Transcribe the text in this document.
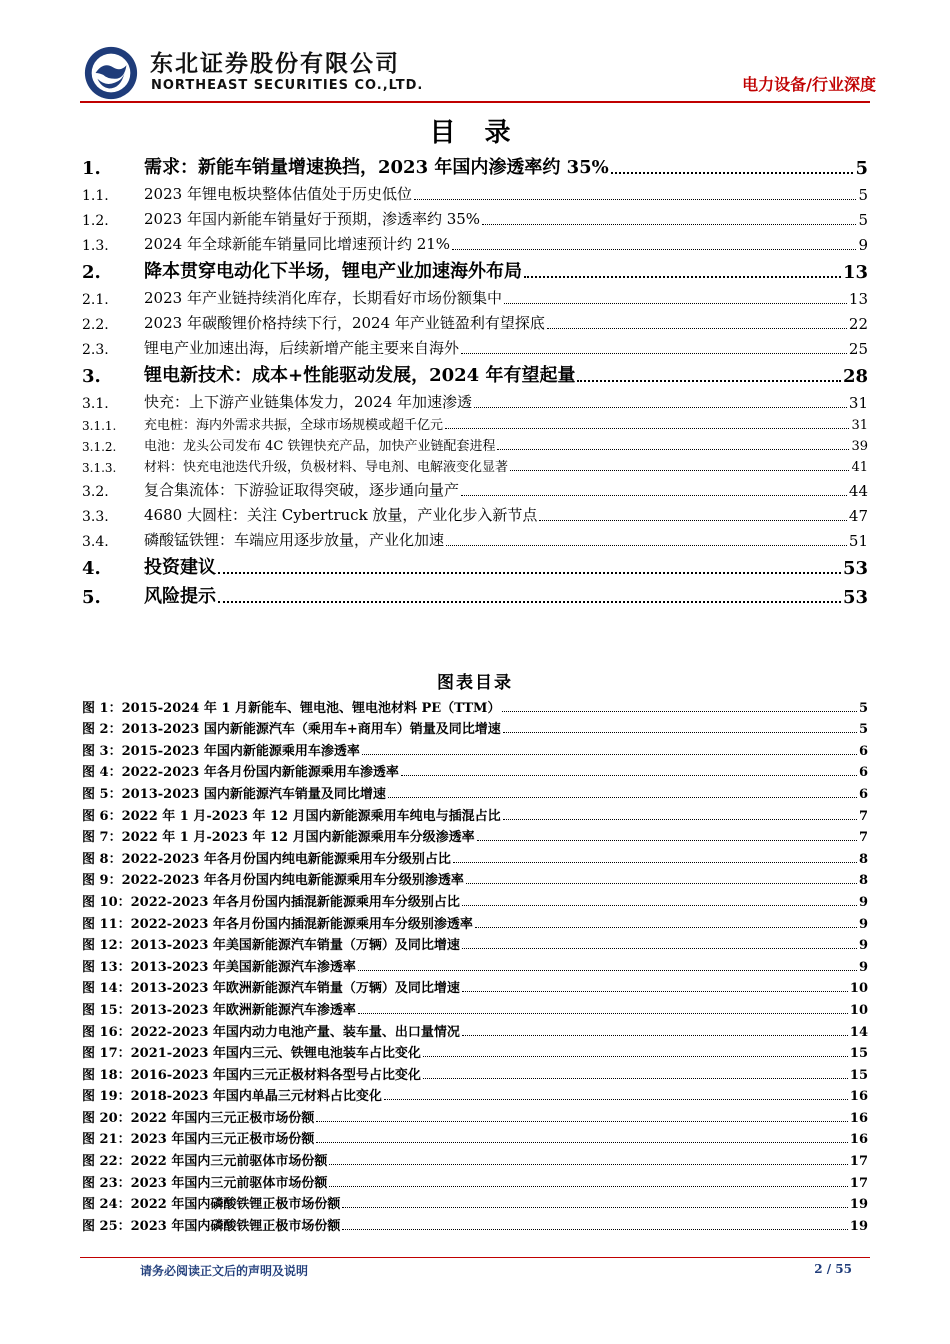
东北证券股份有限公司
NORTHEAST SECURITIES CO.,LTD.	电力设备/行业深度
目 录
1.	需求：新能车销量增速换挡，2023 年国内渗透率约 35%	5
1.1.	2023 年锂电板块整体估值处于历史低位	5
1.2.	2023 年国内新能车销量好于预期，渗透率约 35%	5
1.3.	2024 年全球新能车销量同比增速预计约 21%	9
2.	降本贯穿电动化下半场，锂电产业加速海外布局	13
2.1.	2023 年产业链持续消化库存，长期看好市场份额集中	13
2.2.	2023 年碳酸锂价格持续下行，2024 年产业链盈利有望探底	22
2.3.	锂电产业加速出海，后续新增产能主要来自海外	25
3.	锂电新技术：成本+性能驱动发展，2024 年有望起量	28
3.1.	快充：上下游产业链集体发力，2024 年加速渗透	31
3.1.1.	充电桩：海内外需求共振，全球市场规模或超千亿元	31
3.1.2.	电池：龙头公司发布 4C 铁锂快充产品，加快产业链配套进程	39
3.1.3.	材料：快充电池迭代升级，负极材料、导电剂、电解液变化显著	41
3.2.	复合集流体：下游验证取得突破，逐步通向量产	44
3.3.	4680 大圆柱：关注 Cybertruck 放量，产业化步入新节点	47
3.4.	磷酸锰铁锂：车端应用逐步放量，产业化加速	51
4.	投资建议	53
5.	风险提示	53
图表目录
图 1：2015-2024 年 1 月新能车、锂电池、锂电池材料 PE（TTM）	5
图 2：2013-2023 国内新能源汽车（乘用车+商用车）销量及同比增速	5
图 3：2015-2023 年国内新能源乘用车渗透率	6
图 4：2022-2023 年各月份国内新能源乘用车渗透率	6
图 5：2013-2023 国内新能源汽车销量及同比增速	6
图 6：2022 年 1 月-2023 年 12 月国内新能源乘用车纯电与插混占比	7
图 7：2022 年 1 月-2023 年 12 月国内新能源乘用车分级渗透率	7
图 8：2022-2023 年各月份国内纯电新能源乘用车分级别占比	8
图 9：2022-2023 年各月份国内纯电新能源乘用车分级别渗透率	8
图 10：2022-2023 年各月份国内插混新能源乘用车分级别占比	9
图 11：2022-2023 年各月份国内插混新能源乘用车分级别渗透率	9
图 12：2013-2023 年美国新能源汽车销量（万辆）及同比增速	9
图 13：2013-2023 年美国新能源汽车渗透率	9
图 14：2013-2023 年欧洲新能源汽车销量（万辆）及同比增速	10
图 15：2013-2023 年欧洲新能源汽车渗透率	10
图 16：2022-2023 年国内动力电池产量、装车量、出口量情况	14
图 17：2021-2023 年国内三元、铁锂电池装车占比变化	15
图 18：2016-2023 年国内三元正极材料各型号占比变化	15
图 19：2018-2023 年国内单晶三元材料占比变化	16
图 20：2022 年国内三元正极市场份额	16
图 21：2023 年国内三元正极市场份额	16
图 22：2022 年国内三元前驱体市场份额	17
图 23：2023 年国内三元前驱体市场份额	17
图 24：2022 年国内磷酸铁锂正极市场份额	19
图 25：2023 年国内磷酸铁锂正极市场份额	19
请务必阅读正文后的声明及说明	2 / 55
